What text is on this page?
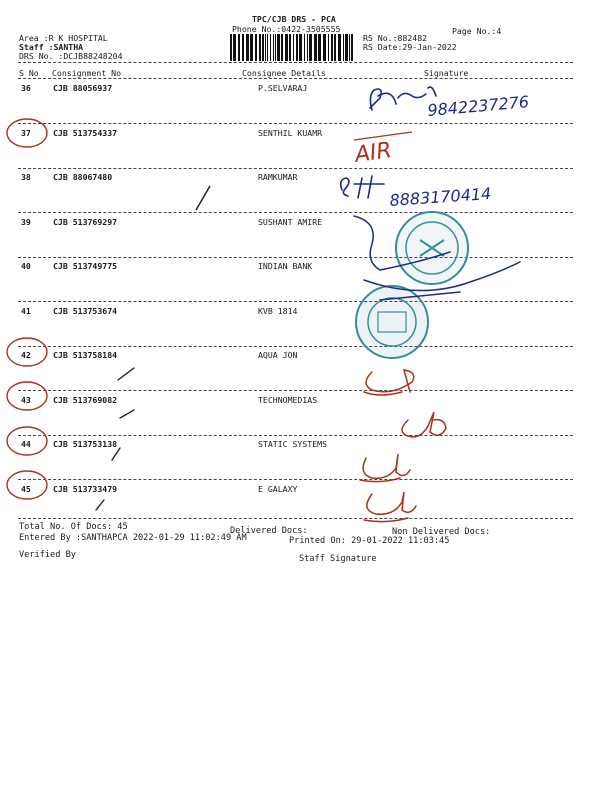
TPC/CJB DRS - PCA
Phone No.:0422-3505555	Page No.:4
Area :R K HOSPITAL
Staff :SANTHA
DRS No. :DCJB88248204
RS No.:882482
RS Date:29-Jan-2022
S No Consignment No	Consignee Details	Signature
36	CJB 88056937	P.SELVARAJ
37	CJB 513754337	SENTHIL KUAMR
38	CJB 88067480	RAMKUMAR
39	CJB 513769297	SUSHANT AMIRE
40	CJB 513749775	INDIAN BANK
41	CJB 513753674	KVB 1814
42	CJB 513758184	AQUA JON
43	CJB 513769082	TECHNOMEDIAS
44	CJB 513753138	STATIC SYSTEMS
45	CJB 513733479	E GALAXY
9842237276
AIR
8883170414
Total No. Of Docs: 45	Delivered Docs:	Non Delivered Docs:
Entered By :SANTHAPCA 2022-01-29 11:02:49 AM	Printed On: 29-01-2022 11:03:45
Verified By	Staff Signature
